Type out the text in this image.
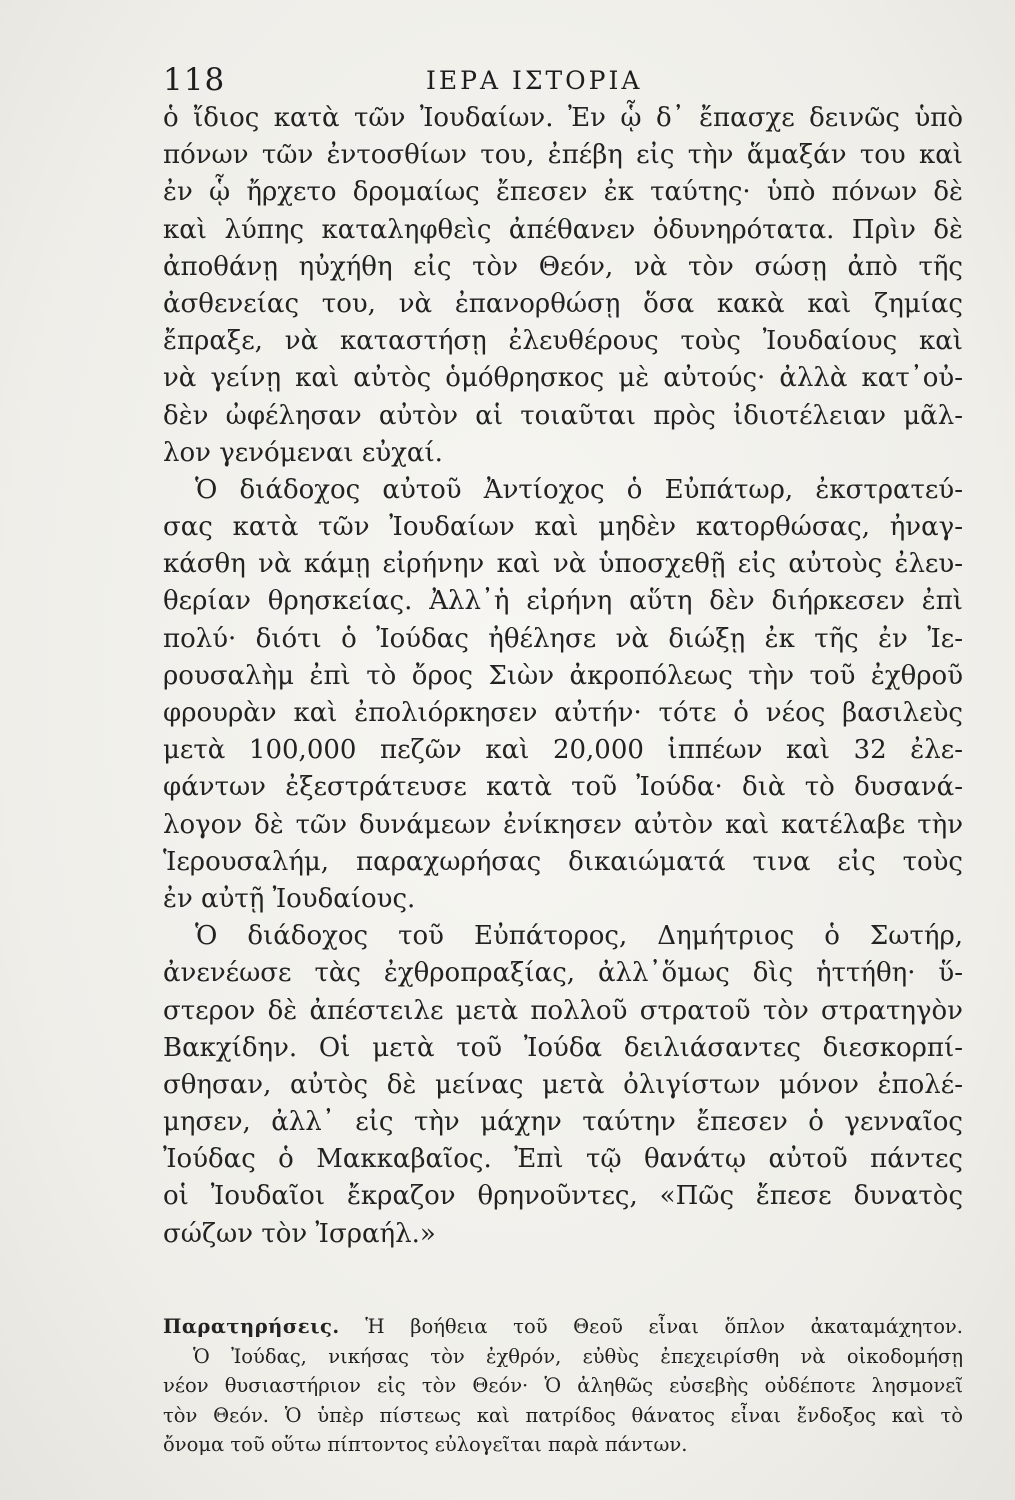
118	ΙΕΡΑ ΙΣΤΟΡΙΑ
ὁ ἴδιος κατὰ τῶν Ἰουδαίων. Ἐν ᾧ δ᾽ ἔπασχε δεινῶς ὑπὸ
πόνων τῶν ἐντοσθίων του, ἐπέβη εἰς τὴν ἅμαξάν του καὶ
ἐν ᾧ ἤρχετο δρομαίως ἔπεσεν ἐκ ταύτης· ὑπὸ πόνων δὲ
καὶ λύπης καταληφθεὶς ἀπέθανεν ὀδυνηρότατα. Πρὶν δὲ
ἀποθάνῃ ηὐχήθη εἰς τὸν Θεόν, νὰ τὸν σώσῃ ἀπὸ τῆς
ἀσθενείας του, νὰ ἐπανορθώσῃ ὅσα κακὰ καὶ ζημίας
ἔπραξε, νὰ καταστήσῃ ἐλευθέρους τοὺς Ἰουδαίους καὶ
νὰ γείνῃ καὶ αὐτὸς ὁμόθρησκος μὲ αὐτούς· ἀλλὰ κατ᾽οὐ-
δὲν ὠφέλησαν αὐτὸν αἱ τοιαῦται πρὸς ἰδιοτέλειαν μᾶλ-
λον γενόμεναι εὐχαί.
Ὁ διάδοχος αὐτοῦ Ἀντίοχος ὁ Εὐπάτωρ, ἐκστρατεύ-
σας κατὰ τῶν Ἰουδαίων καὶ μηδὲν κατορθώσας, ἠναγ-
κάσθη νὰ κάμῃ εἰρήνην καὶ νὰ ὑποσχεθῇ εἰς αὐτοὺς ἐλευ-
θερίαν θρησκείας. Ἀλλ᾽ἡ εἰρήνη αὕτη δὲν διήρκεσεν ἐπὶ
πολύ· διότι ὁ Ἰούδας ἠθέλησε νὰ διώξῃ ἐκ τῆς ἐν Ἰε-
ρουσαλὴμ ἐπὶ τὸ ὄρος Σιὼν ἀκροπόλεως τὴν τοῦ ἐχθροῦ
φρουρὰν καὶ ἐπολιόρκησεν αὐτήν· τότε ὁ νέος βασιλεὺς
μετὰ 100,000 πεζῶν καὶ 20,000 ἱππέων καὶ 32 ἐλε-
φάντων ἐξεστράτευσε κατὰ τοῦ Ἰούδα· διὰ τὸ δυσανά-
λογον δὲ τῶν δυνάμεων ἐνίκησεν αὐτὸν καὶ κατέλαβε τὴν
Ἱερουσαλήμ, παραχωρήσας δικαιώματά τινα εἰς τοὺς
ἐν αὐτῇ Ἰουδαίους.
Ὁ διάδοχος τοῦ Εὐπάτορος, Δημήτριος ὁ Σωτήρ,
ἀνενέωσε τὰς ἐχθροπραξίας, ἀλλ᾽ὅμως δὶς ἡττήθη· ὕ-
στερον δὲ ἀπέστειλε μετὰ πολλοῦ στρατοῦ τὸν στρατηγὸν
Βακχίδην. Οἱ μετὰ τοῦ Ἰούδα δειλιάσαντες διεσκορπί-
σθησαν, αὐτὸς δὲ μείνας μετὰ ὀλιγίστων μόνον ἐπολέ-
μησεν, ἀλλ᾽ εἰς τὴν μάχην ταύτην ἔπεσεν ὁ γενναῖος
Ἰούδας ὁ Μακκαβαῖος. Ἐπὶ τῷ θανάτῳ αὐτοῦ πάντες
οἱ Ἰουδαῖοι ἔκραζον θρηνοῦντες, «Πῶς ἔπεσε δυνατὸς
σώζων τὸν Ἰσραήλ.»
Παρατηρήσεις. Ἡ βοήθεια τοῦ Θεοῦ εἶναι ὅπλον ἀκαταμάχητον.
Ὁ Ἰούδας, νικήσας τὸν ἐχθρόν, εὐθὺς ἐπεχειρίσθη νὰ οἰκοδομήσῃ
νέον θυσιαστήριον εἰς τὸν Θεόν· Ὁ ἀληθῶς εὐσεβὴς οὐδέποτε λησμονεῖ
τὸν Θεόν. Ὁ ὑπὲρ πίστεως καὶ πατρίδος θάνατος εἶναι ἔνδοξος καὶ τὸ
ὄνομα τοῦ οὕτω πίπτοντος εὐλογεῖται παρὰ πάντων.
